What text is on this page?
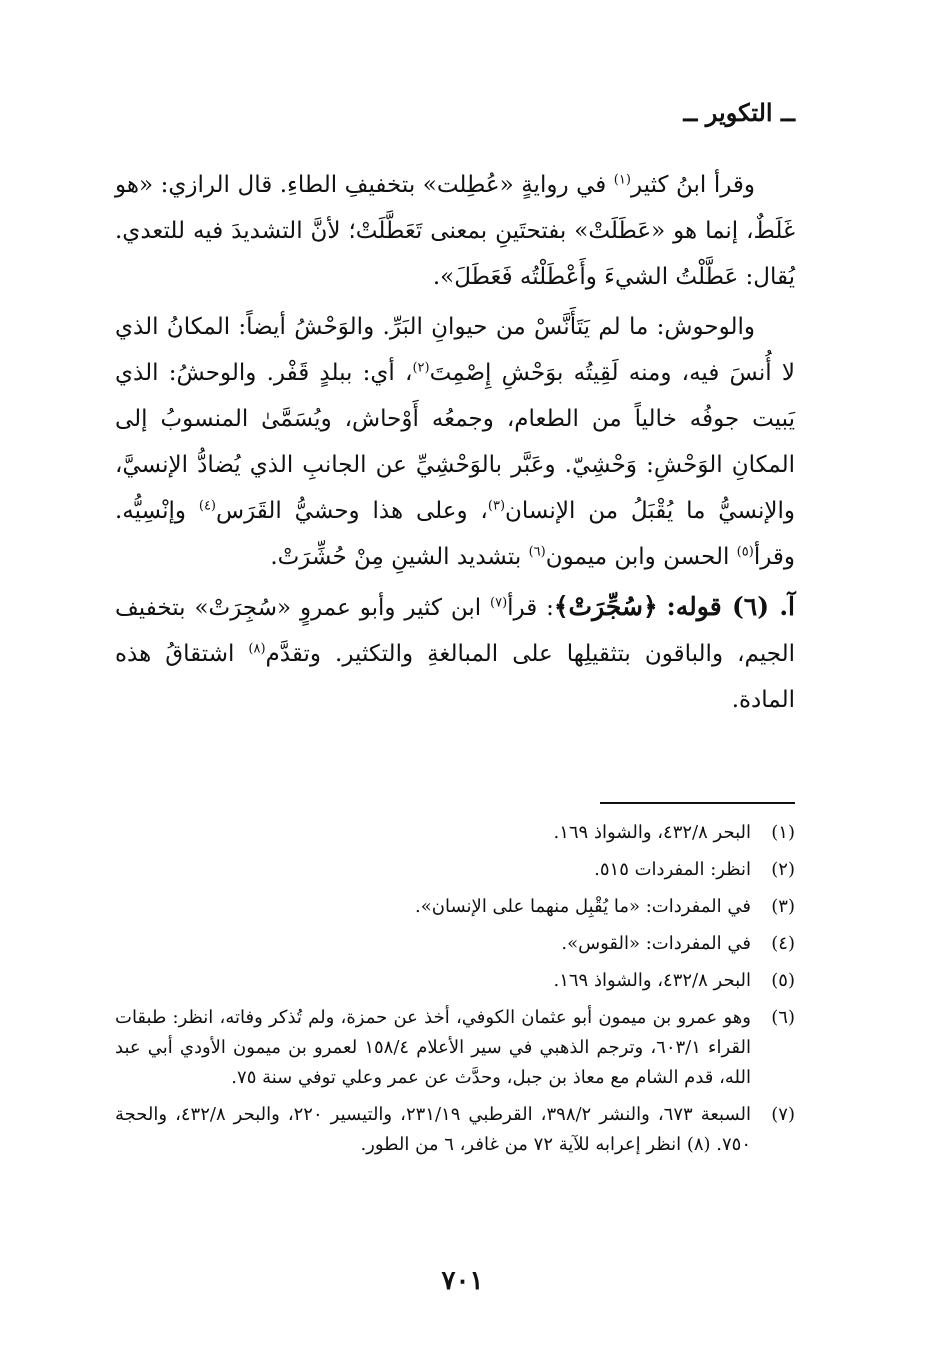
ــ التكوير ــ

وقرأ ابنُ كثير$^{(١)}$ في روايةٍ «عُطِلت» بتخفيفِ الطاءِ. قال الرازي: «هو غَلَطٌ، إنما هو «عَطَلَتْ» بفتحتَينِ بمعنى تَعَطَّلَتْ؛ لأنَّ التشديدَ فيه للتعدي. يُقال: عَطَّلْتُ الشيءَ وأَعْطَلْتُه فَعَطَلَ».

والوحوش: ما لم يَتَأَنَّسْ من حيوانِ البَرِّ. والوَحْشُ أيضاً: المكانُ الذي لا أُنسَ فيه، ومنه لَقِيتُه بوَحْشِ إِصْمِتَ$^{(٢)}$، أي: ببلدٍ قَفْر. والوحشُ: الذي يَبيت جوفُه خالياً من الطعام، وجمعُه أَوْحاش، ويُسَمَّىٰ المنسوبُ إلى المكانِ الوَحْشِ: وَحْشِيّ. وعَبَّر بالوَحْشِيِّ عن الجانبِ الذي يُضادُّ الإنسيَّ، والإنسيُّ ما يُقْبَلُ من الإنسان$^{(٣)}$، وعلى هذا وحشيُّ القَرَس$^{(٤)}$ وإنْسِيُّه. وقرأ$^{(٥)}$ الحسن وابن ميمون$^{(٦)}$ بتشديد الشينِ مِنْ حُشِّرَتْ.

آ. (٦) قوله: ﴿سُجِّرَتْ﴾: قرأ$^{(٧)}$ ابن كثير وأبو عمروٍ «سُجِرَتْ» بتخفيف الجيم، والباقون بتثقيلِها على المبالغةِ والتكثير. وتقدَّم$^{(٨)}$ اشتقاقُ هذه المادة.

(١)
البحر ٤٣٢/٨، والشواذ ١٦٩.
(٢)
انظر: المفردات ٥١٥.
(٣)
في المفردات: «ما يُقْبِل منهما على الإنسان».
(٤)
في المفردات: «القوس».
(٥)
البحر ٤٣٢/٨، والشواذ ١٦٩.
(٦)
وهو عمرو بن ميمون أبو عثمان الكوفي، أخذ عن حمزة، ولم تُذكر وفاته، انظر: طبقات القراء ٦٠٣/١، وترجم الذهبي في سير الأعلام ١٥٨/٤ لعمرو بن ميمون الأودي أبي عبد الله، قدم الشام مع معاذ بن جبل، وحدَّث عن عمر وعلي توفي سنة ٧٥.
(٧)
السبعة ٦٧٣، والنشر ٣٩٨/٢، القرطبي ٢٣١/١٩، والتيسير ٢٢٠، والبحر ٤٣٢/٨، والحجة ٧٥٠. (٨) انظر إعرابه للآية ٧٢ من غافر، ٦ من الطور.
٧٠١
